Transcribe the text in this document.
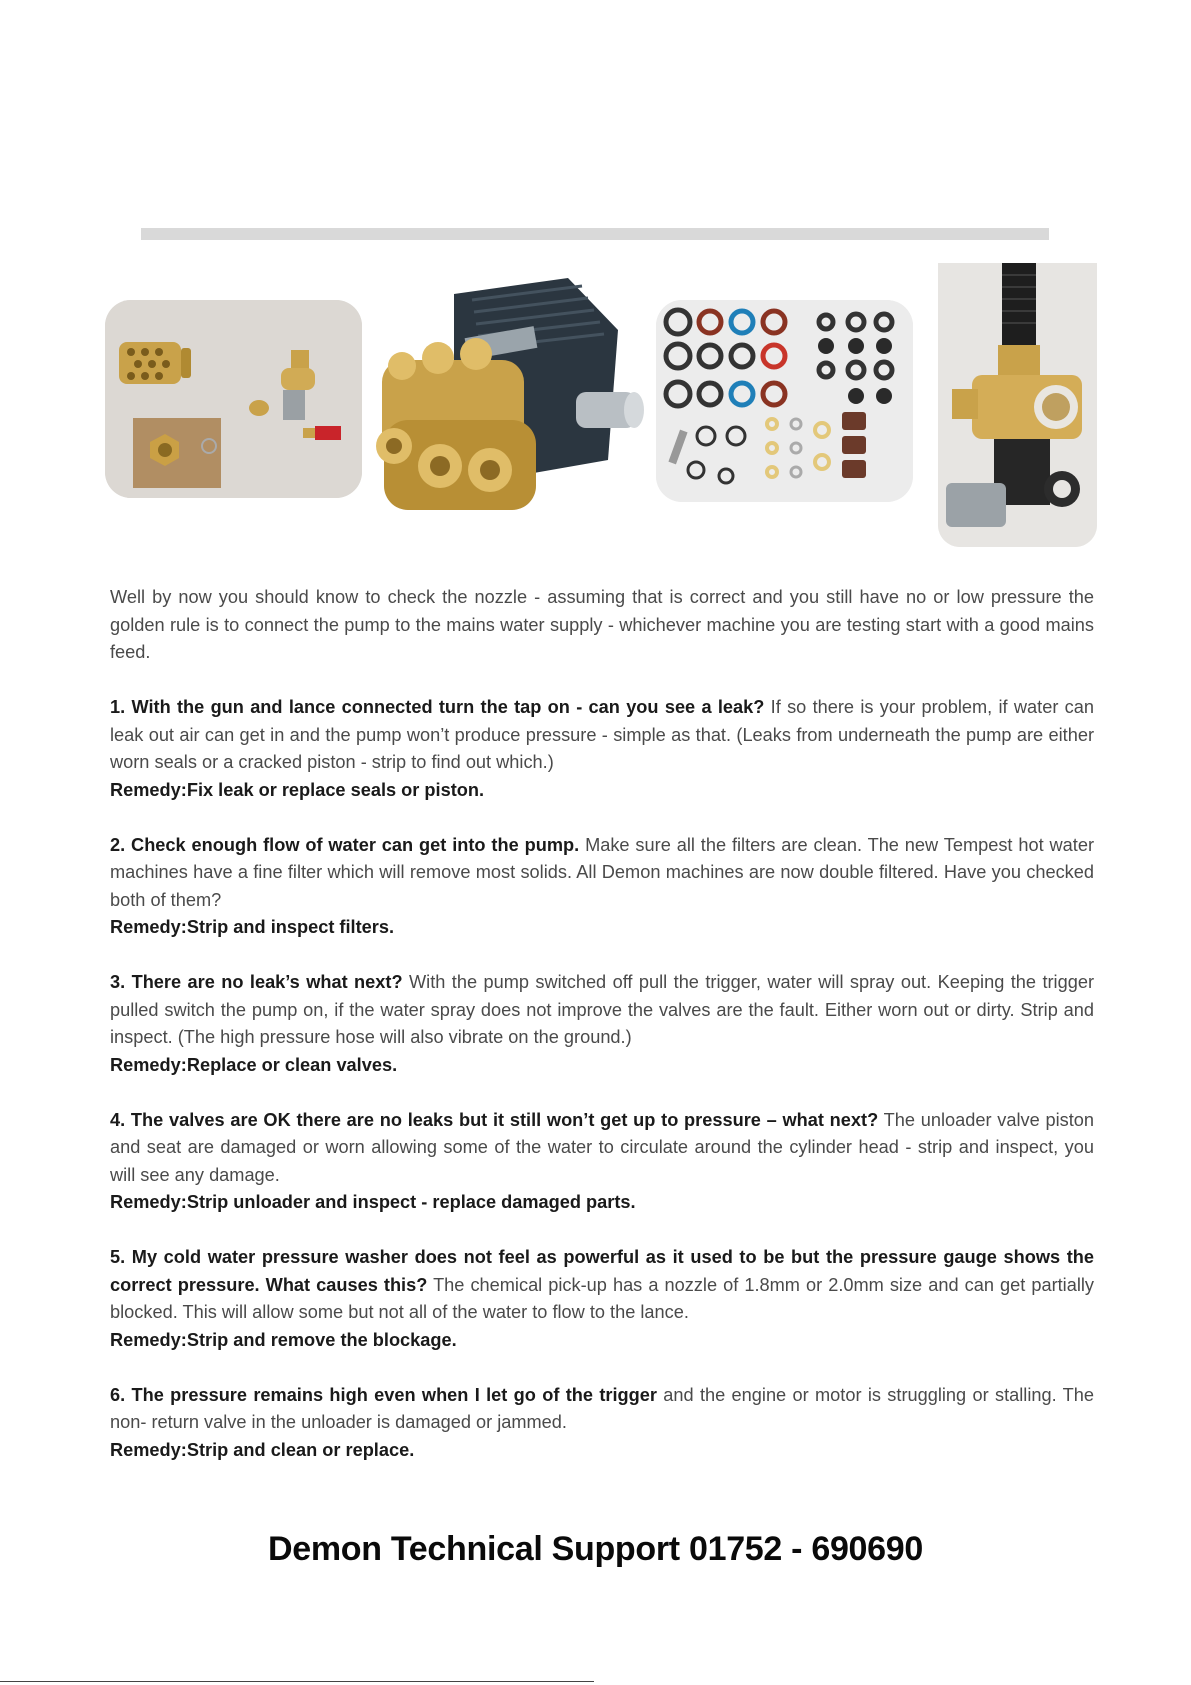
Well by now you should know to check the nozzle - assuming that is correct and you still have no or low pressure the golden rule is to connect the pump to the mains water supply - whichever machine you are testing start with a good mains feed.

1. With the gun and lance connected turn the tap on - can you see a leak? If so there is your problem, if water can leak out air can get in and the pump won’t produce pressure - simple as that. (Leaks from underneath the pump are either worn seals or a cracked piston - strip to find out which.)
Remedy:Fix leak or replace seals or piston.

2. Check enough flow of water can get into the pump. Make sure all the filters are clean. The new Tempest hot water machines have a fine filter which will remove most solids. All Demon machines are now double filtered. Have you checked both of them?
Remedy:Strip and inspect filters.

3. There are no leak’s what next? With the pump switched off pull the trigger, water will spray out. Keeping the trigger pulled switch the pump on, if the water spray does not improve the valves are the fault. Either worn out or dirty. Strip and inspect. (The high pressure hose will also vibrate on the ground.)
Remedy:Replace or clean valves.

4. The valves are OK there are no leaks but it still won’t get up to pressure – what next? The unloader valve piston and seat are damaged or worn allowing some of the water to circulate around the cylinder head - strip and inspect, you will see any damage.
Remedy:Strip unloader and inspect - replace damaged parts.

5. My cold water pressure washer does not feel as powerful as it used to be but the pressure gauge shows the correct pressure. What causes this? The chemical pick-up has a nozzle of 1.8mm or 2.0mm size and can get partially blocked. This will allow some but not all of the water to flow to the lance.
Remedy:Strip and remove the blockage.

6. The pressure remains high even when I let go of the trigger and the engine or motor is struggling or stalling. The non- return valve in the unloader is damaged or jammed.
Remedy:Strip and clean or replace.

Demon Technical Support 01752 - 690690
